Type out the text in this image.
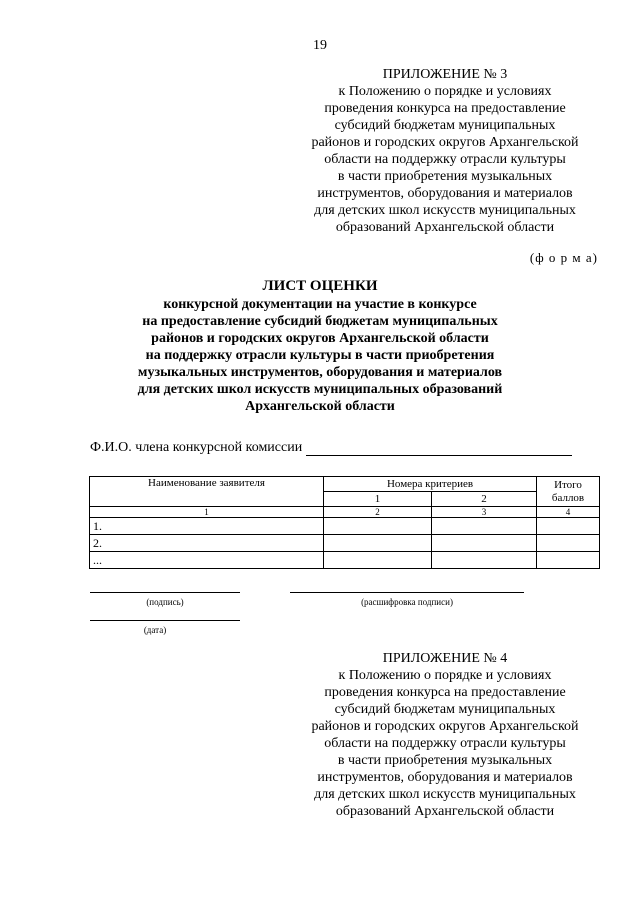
19
ПРИЛОЖЕНИЕ № 3
к Положению о порядке и условиях
проведения конкурса на предоставление
субсидий бюджетам муниципальных
районов и городских округов Архангельской
области на поддержку отрасли культуры
в части приобретения музыкальных
инструментов, оборудования и материалов
для детских школ искусств муниципальных
образований Архангельской области
(ф о р м а)
ЛИСТ ОЦЕНКИ
конкурсной документации на участие в конкурсе
на предоставление субсидий бюджетам муниципальных
районов и городских округов Архангельской области
на поддержку отрасли культуры в части приобретения
музыкальных инструментов, оборудования и материалов
для детских школ искусств муниципальных образований
Архангельской области
Ф.И.О. члена конкурсной комиссии
Наименование заявителя	Номера критериев		Итого баллов
	1	2	
1	2	3	4
1.			
2.			
...			
(подпись)	(расшифровка подписи)
(дата)
ПРИЛОЖЕНИЕ № 4
к Положению о порядке и условиях
проведения конкурса на предоставление
субсидий бюджетам муниципальных
районов и городских округов Архангельской
области на поддержку отрасли культуры
в части приобретения музыкальных
инструментов, оборудования и материалов
для детских школ искусств муниципальных
образований Архангельской области
